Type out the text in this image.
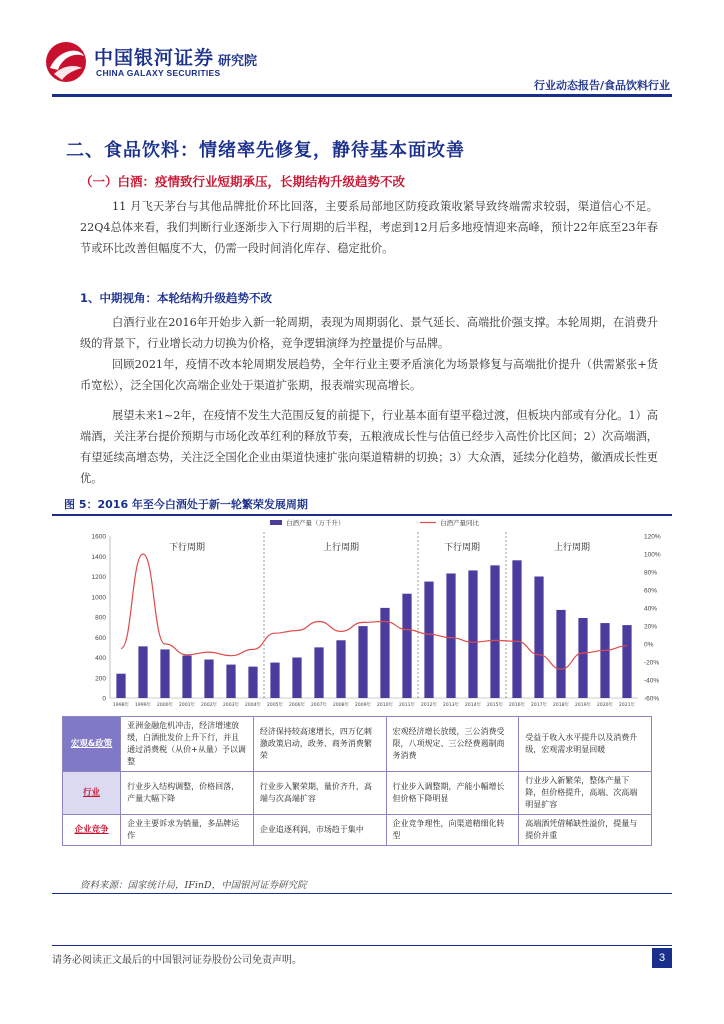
中国银河证券 研究院
CHINA GALAXY SECURITIES
行业动态报告/食品饮料行业
二、食品饮料：情绪率先修复，静待基本面改善
（一）白酒：疫情致行业短期承压，长期结构升级趋势不改
11 月飞天茅台与其他品牌批价环比回落，主要系局部地区防疫政策收紧导致终端需求较弱，渠道信心不足。22Q4总体来看，我们判断行业逐渐步入下行周期的后半程，考虑到12月后多地疫情迎来高峰，预计22年底至23年春节或环比改善但幅度不大，仍需一段时间消化库存、稳定批价。
1、中期视角：本轮结构升级趋势不改
白酒行业在2016年开始步入新一轮周期，表现为周期弱化、景气延长、高端批价强支撑。本轮周期，在消费升级的背景下，行业增长动力切换为价格，竞争逻辑演绎为控量提价与品牌。
回顾2021年，疫情不改本轮周期发展趋势，全年行业主要矛盾演化为场景修复与高端批价提升（供需紧张+货币宽松），泛全国化次高端企业处于渠道扩张期，报表端实现高增长。
展望未来1~2年，在疫情不发生大范围反复的前提下，行业基本面有望平稳过渡，但板块内部或有分化。1）高端酒，关注茅台提价预期与市场化改革红利的释放节奏，五粮液成长性与估值已经步入高性价比区间；2）次高端酒，有望延续高增态势，关注泛全国化企业由渠道快速扩张向渠道精耕的切换；3）大众酒，延续分化趋势，徽酒成长性更优。
图 5：2016 年至今白酒处于新一轮繁荣发展周期
0
200
400
600
800
1000
1200
1400
1600
-60%
-40%
-20%
0%
20%
40%
60%
80%
100%
120%
下行周期	上行周期	下行周期	上行周期
1998年 1999年 2000年 2001年 2002年 2003年 2004年 2005年 2006年 2007年 2008年 2009年 2010年 2011年 2012年 2013年 2014年 2015年 2016年 2017年 2018年 2019年 2020年 2021年
白酒产量（万千升）	白酒产量同比
宏观&政策	亚洲金融危机冲击，经济增速放缓，白酒批发价上升下行，并且通过消费税（从价+从量）予以调整	经济保持较高速增长，四万亿刺激政策启动，政务、商务消费繁荣	宏观经济增长放缓，三公消费受限，八项规定、三公经费遏制商务消费	受益于收入水平提升以及消费升级，宏观需求明显回暖
行业	行业步入结构调整，价格回落，产量大幅下降	行业步入繁荣期，量价齐升，高端与次高端扩容	行业步入调整期，产能小幅增长但价格下降明显	行业步入新繁荣，整体产量下降，但价格提升，高端、次高端明显扩容
企业竞争	企业主要诉求为销量，多品牌运作	企业追逐利润，市场趋于集中	企业竞争理性，向渠道精细化转型	高端酒凭借稀缺性溢价，提量与提价并重
资料来源：国家统计局，IFinD，中国银河证券研究院
请务必阅读正文最后的中国银河证券股份公司免责声明。	3
